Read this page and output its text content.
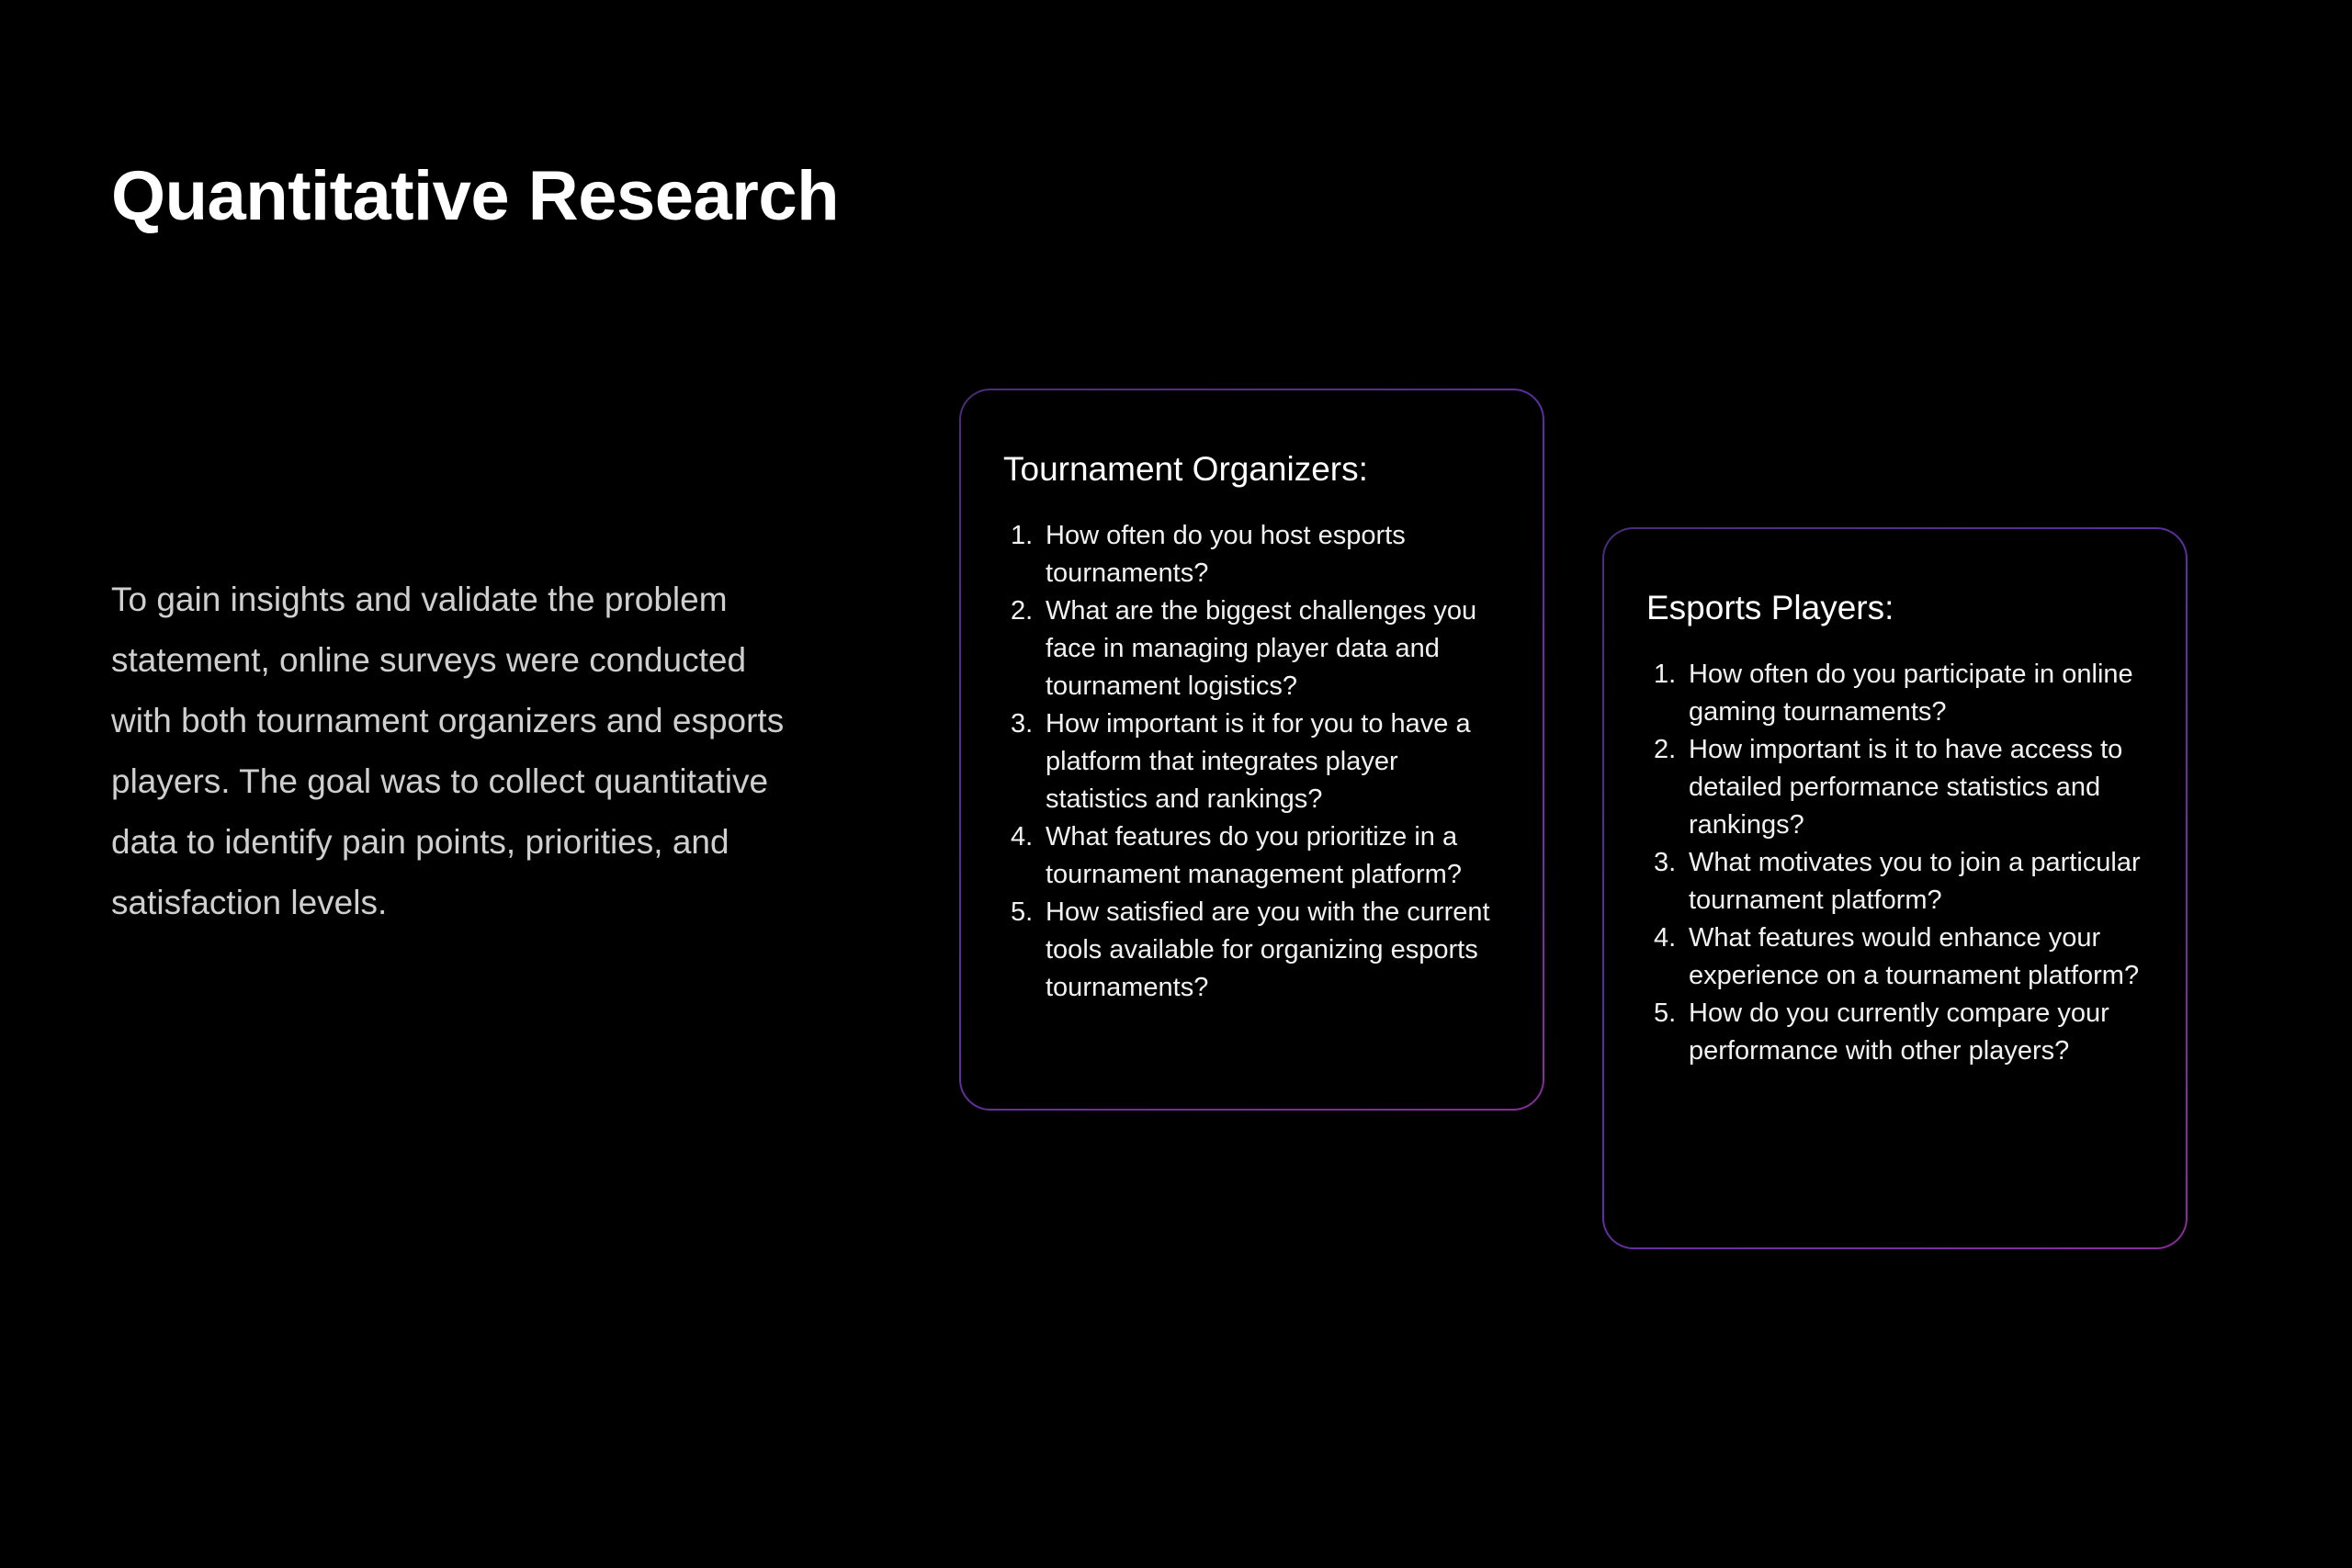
Quantitative Research

To gain insights and validate the problem statement, online surveys were conducted with both tournament organizers and esports players. The goal was to collect quantitative data to identify pain points, priorities, and satisfaction levels.

Tournament Organizers:
1. How often do you host esports tournaments?
2. What are the biggest challenges you face in managing player data and tournament logistics?
3. How important is it for you to have a platform that integrates player statistics and rankings?
4. What features do you prioritize in a tournament management platform?
5. How satisfied are you with the current tools available for organizing esports tournaments?
Esports Players:
1. How often do you participate in online gaming tournaments?
2. How important is it to have access to detailed performance statistics and rankings?
3. What motivates you to join a particular tournament platform?
4. What features would enhance your experience on a tournament platform?
5. How do you currently compare your performance with other players?
